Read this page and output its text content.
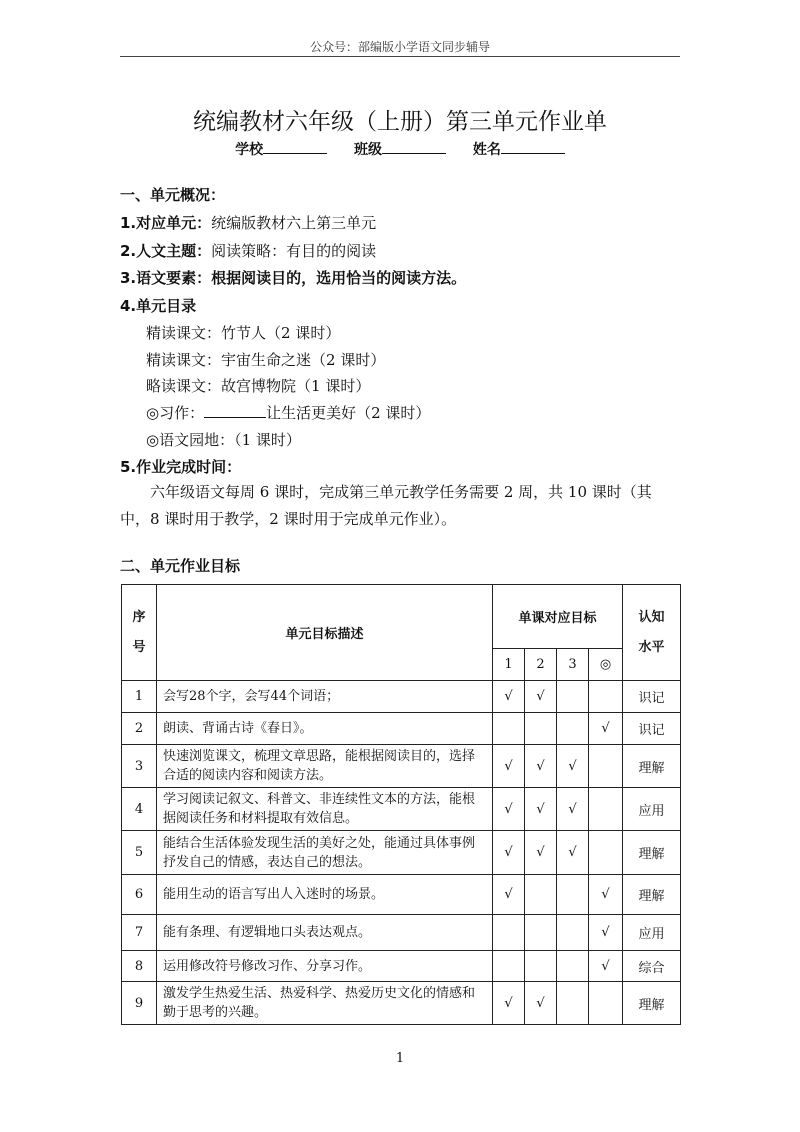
公众号：部编版小学语文同步辅导
统编教材六年级（上册）第三单元作业单
学校	班级	姓名
一、单元概况：
1.对应单元：统编版教材六上第三单元
2.人文主题：阅读策略：有目的的阅读
3.语文要素：根据阅读目的，选用恰当的阅读方法。
4.单元目录
精读课文：竹节人（2 课时）
精读课文：宇宙生命之迷（2 课时）
略读课文：故宫博物院（1 课时）
◎习作：	让生活更美好（2 课时）
◎语文园地：（1 课时）
5.作业完成时间：
六年级语文每周 6 课时，完成第三单元教学任务需要 2 周，共 10 课时（其中，8 课时用于教学，2 课时用于完成单元作业）。
二、单元作业目标
序号	单元目标描述	单课对应目标				认知水平
		1	2	3	◎	
1	会写28个字，会写44个词语；	√	√			识记
2	朗读、背诵古诗《春日》。				√	识记
3	快速浏览课文，梳理文章思路，能根据阅读目的，选择合适的阅读内容和阅读方法。	√	√	√		理解
4	学习阅读记叙文、科普文、非连续性文本的方法，能根据阅读任务和材料提取有效信息。	√	√	√		应用
5	能结合生活体验发现生活的美好之处，能通过具体事例抒发自己的情感，表达自己的想法。	√	√	√		理解
6	能用生动的语言写出人入迷时的场景。	√			√	理解
7	能有条理、有逻辑地口头表达观点。				√	应用
8	运用修改符号修改习作、分享习作。				√	综合
9	激发学生热爱生活、热爱科学、热爱历史文化的情感和勤于思考的兴趣。	√	√			理解
1
